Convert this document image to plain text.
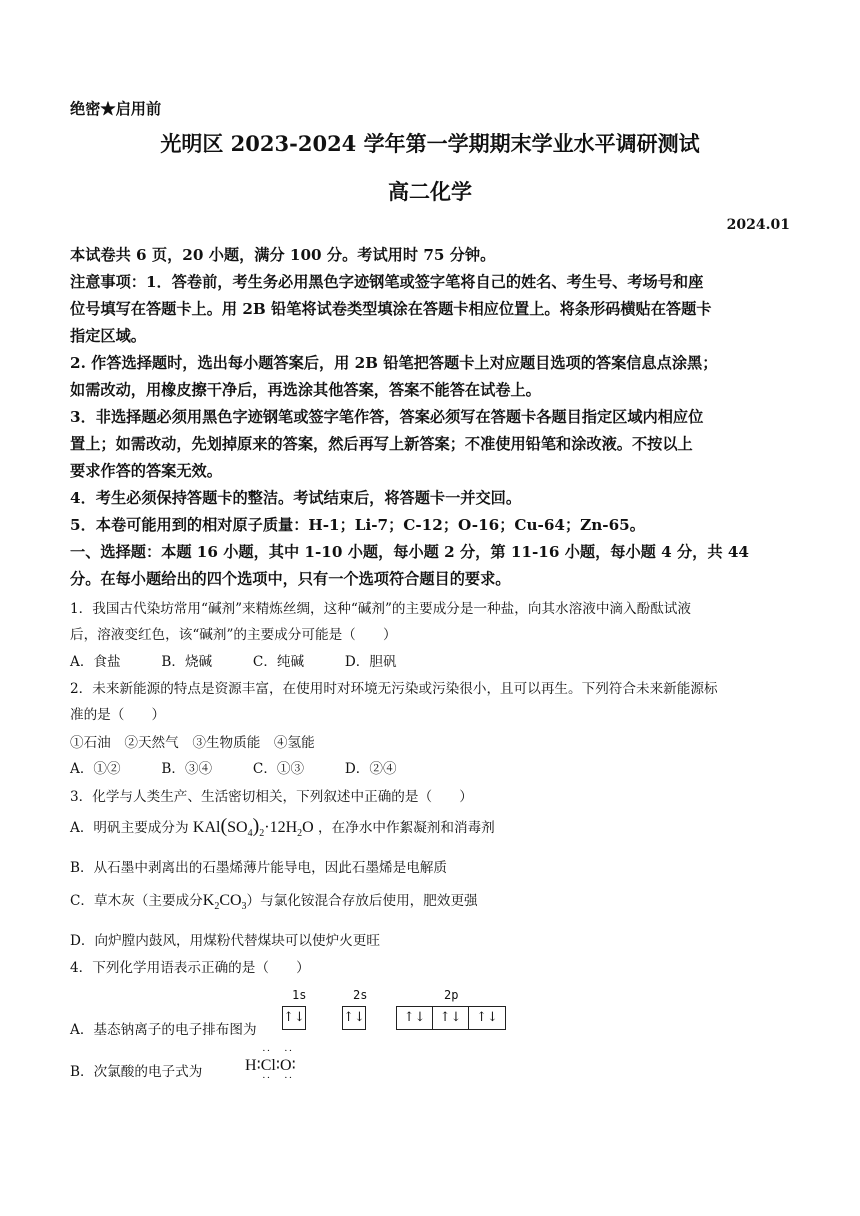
绝密★启用前
光明区 2023-2024 学年第一学期期末学业水平调研测试
高二化学
2024.01
本试卷共 6 页，20 小题，满分 100 分。考试用时 75 分钟。
注意事项：1．答卷前，考生务必用黑色字迹钢笔或签字笔将自己的姓名、考生号、考场号和座
位号填写在答题卡上。用 2B 铅笔将试卷类型填涂在答题卡相应位置上。将条形码横贴在答题卡
指定区域。
2. 作答选择题时，选出每小题答案后，用 2B 铅笔把答题卡上对应题目选项的答案信息点涂黑；
如需改动，用橡皮擦干净后，再选涂其他答案，答案不能答在试卷上。
3．非选择题必须用黑色字迹钢笔或签字笔作答，答案必须写在答题卡各题目指定区域内相应位
置上；如需改动，先划掉原来的答案，然后再写上新答案；不准使用铅笔和涂改液。不按以上
要求作答的答案无效。
4．考生必须保持答题卡的整洁。考试结束后，将答题卡一并交回。
5．本卷可能用到的相对原子质量：H-1；Li-7；C-12；O-16；Cu-64；Zn-65。
一、选择题：本题 16 小题，其中 1-10 小题，每小题 2 分，第 11-16 小题，每小题 4 分，共 44
分。在每小题给出的四个选项中，只有一个选项符合题目的要求。
1．我国古代染坊常用“碱剂”来精炼丝绸，这种“碱剂”的主要成分是一种盐，向其水溶液中滴入酚酞试液
后，溶液变红色，该“碱剂”的主要成分可能是（　　）
A．食盐　　　B．烧碱　　　C．纯碱　　　D．胆矾
2．未来新能源的特点是资源丰富，在使用时对环境无污染或污染很小，且可以再生。下列符合未来新能源标
准的是（　　）
①石油　②天然气　③生物质能　④氢能
A．①②　　　B．③④　　　C．①③　　　D．②④
3．化学与人类生产、生活密切相关，下列叙述中正确的是（　　）
A．明矾主要成分为 $KAl(SO_4)_2\cdot 12H_2O$ ，在净水中作絮凝剂和消毒剂
B．从石墨中剥离出的石墨烯薄片能导电，因此石墨烯是电解质
C．草木灰（主要成分$K_2CO_3$）与氯化铵混合存放后使用，肥效更强
D．向炉膛内鼓风，用煤粉代替煤块可以使炉火更旺
4．下列化学用语表示正确的是（　　）
A．基态钠离子的电子排布图为
1s	2s	2p
↑↓	↑↓	↑↓	↑↓	↑↓
B．次氯酸的电子式为	H∶Cl∶O∶
··
··
··
··
